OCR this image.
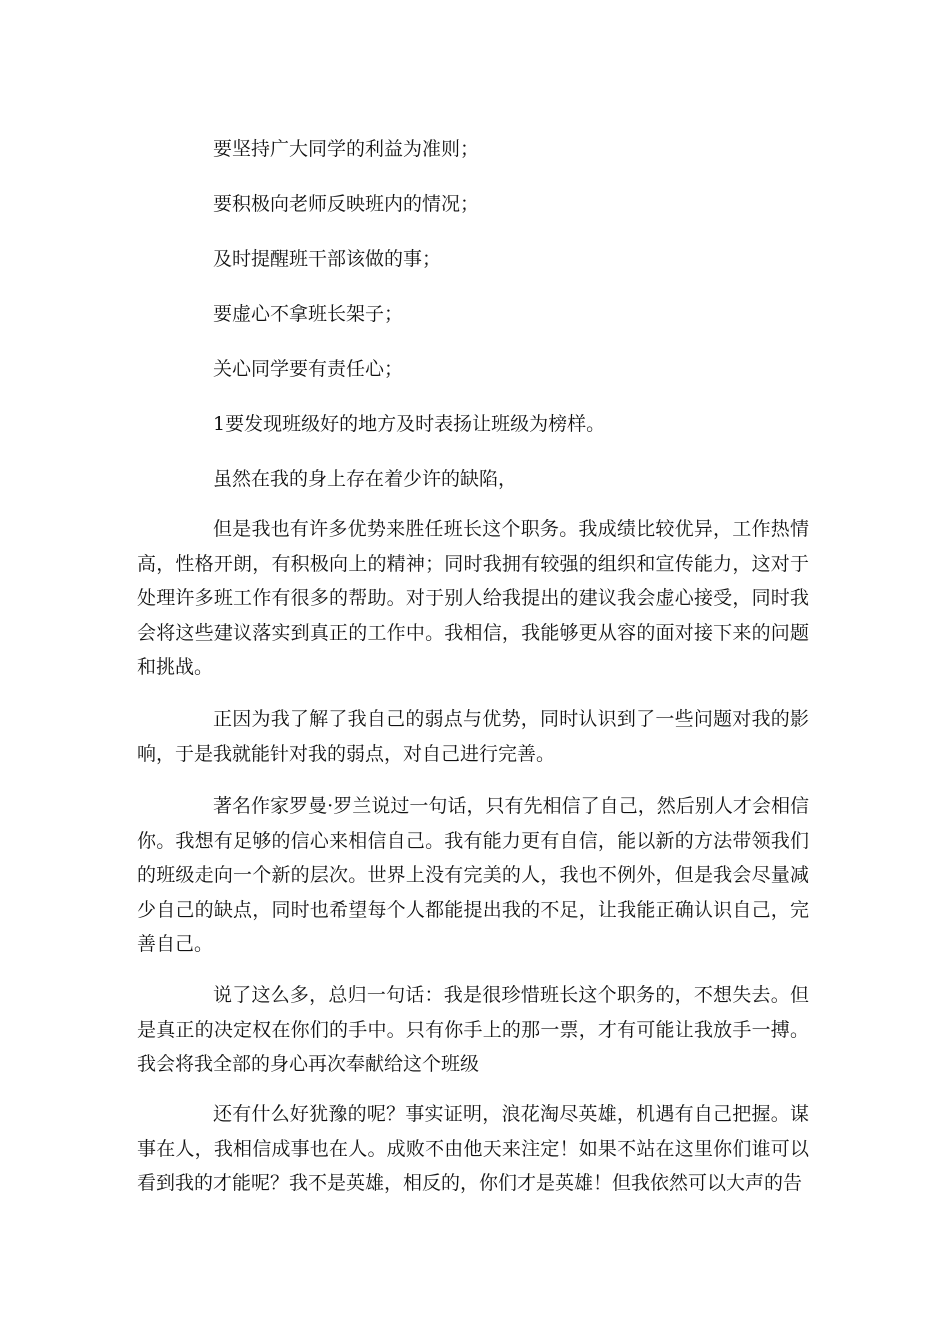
要坚持广大同学的利益为准则；
要积极向老师反映班内的情况；
及时提醒班干部该做的事；
要虚心不拿班长架子；
关心同学要有责任心；
1要发现班级好的地方及时表扬让班级为榜样。
虽然在我的身上存在着少许的缺陷，

但是我也有许多优势来胜任班长这个职务。我成绩比较优异，工作热情高，性格开朗，有积极向上的精神；同时我拥有较强的组织和宣传能力，这对于处理许多班工作有很多的帮助。对于别人给我提出的建议我会虚心接受，同时我会将这些建议落实到真正的工作中。我相信，我能够更从容的面对接下来的问题和挑战。

正因为我了解了我自己的弱点与优势，同时认识到了一些问题对我的影响，于是我就能针对我的弱点，对自己进行完善。

著名作家罗曼·罗兰说过一句话，只有先相信了自己，然后别人才会相信你。我想有足够的信心来相信自己。我有能力更有自信，能以新的方法带领我们的班级走向一个新的层次。世界上没有完美的人，我也不例外，但是我会尽量减少自己的缺点，同时也希望每个人都能提出我的不足，让我能正确认识自己，完善自己。

说了这么多，总归一句话：我是很珍惜班长这个职务的，不想失去。但是真正的决定权在你们的手中。只有你手上的那一票，才有可能让我放手一搏。我会将我全部的身心再次奉献给这个班级

还有什么好犹豫的呢？事实证明，浪花淘尽英雄，机遇有自己把握。谋事在人，我相信成事也在人。成败不由他天来注定！如果不站在这里你们谁可以看到我的才能呢？我不是英雄，相反的，你们才是英雄！但我依然可以大声的告
